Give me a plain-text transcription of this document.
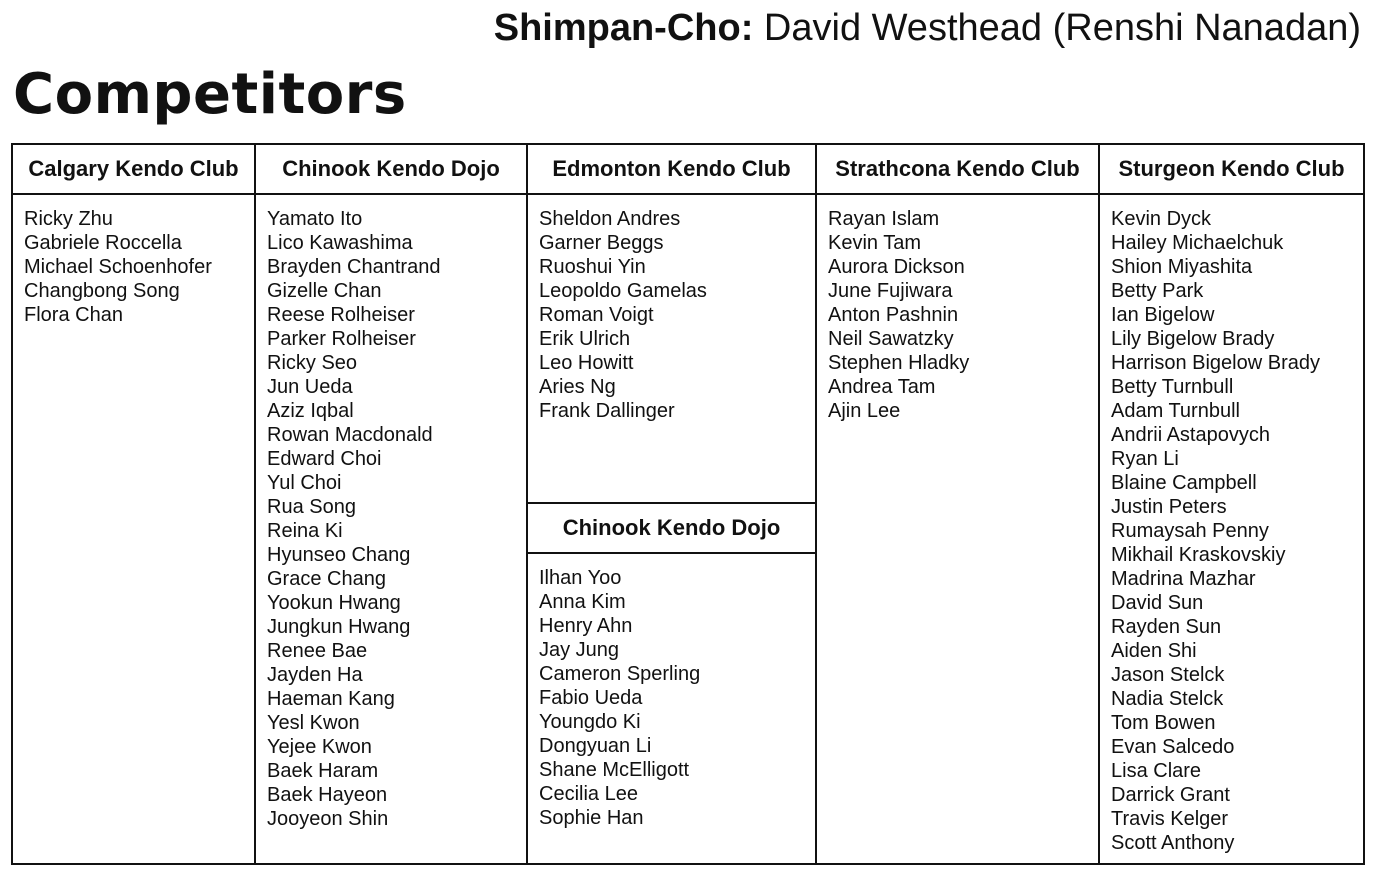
Shimpan-Cho: David Westhead (Renshi Nanadan)
Competitors
Calgary Kendo Club
Ricky Zhu
Gabriele Roccella
Michael Schoenhofer
Changbong Song
Flora Chan
Chinook Kendo Dojo
Yamato Ito
Lico Kawashima
Brayden Chantrand
Gizelle Chan
Reese Rolheiser
Parker Rolheiser
Ricky Seo
Jun Ueda
Aziz Iqbal
Rowan Macdonald
Edward Choi
Yul Choi
Rua Song
Reina Ki
Hyunseo Chang
Grace Chang
Yookun Hwang
Jungkun Hwang
Renee Bae
Jayden Ha
Haeman Kang
Yesl Kwon
Yejee Kwon
Baek Haram
Baek Hayeon
Jooyeon Shin
Edmonton Kendo Club
Sheldon Andres
Garner Beggs
Ruoshui Yin
Leopoldo Gamelas
Roman Voigt
Erik Ulrich
Leo Howitt
Aries Ng
Frank Dallinger
Chinook Kendo Dojo
Ilhan Yoo
Anna Kim
Henry Ahn
Jay Jung
Cameron Sperling
Fabio Ueda
Youngdo Ki
Dongyuan Li
Shane McElligott
Cecilia Lee
Sophie Han
Strathcona Kendo Club
Rayan Islam
Kevin Tam
Aurora Dickson
June Fujiwara
Anton Pashnin
Neil Sawatzky
Stephen Hladky
Andrea Tam
Ajin Lee
Sturgeon Kendo Club
Kevin Dyck
Hailey Michaelchuk
Shion Miyashita
Betty Park
Ian Bigelow
Lily Bigelow Brady
Harrison Bigelow Brady
Betty Turnbull
Adam Turnbull
Andrii Astapovych
Ryan Li
Blaine Campbell
Justin Peters
Rumaysah Penny
Mikhail Kraskovskiy
Madrina Mazhar
David Sun
Rayden Sun
Aiden Shi
Jason Stelck
Nadia Stelck
Tom Bowen
Evan Salcedo
Lisa Clare
Darrick Grant
Travis Kelger
Scott Anthony
